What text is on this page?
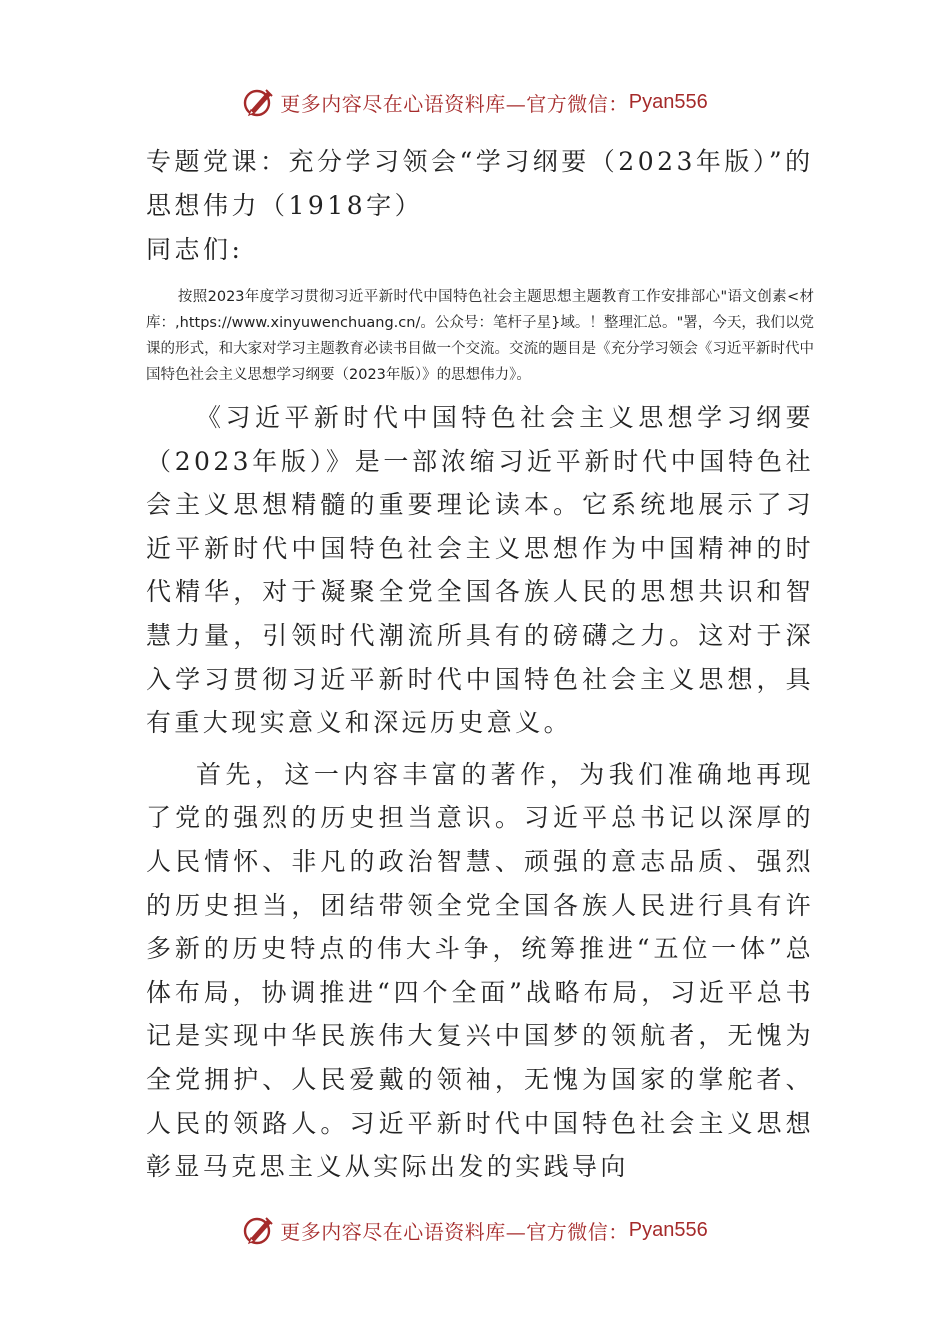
更多内容尽在心语资料库—官方微信： Pyan556
专题党课：充分学习领会“学习纲要（2023年版）”的思想伟力（1918字）

同志们:

按照2023年度学习贯彻习近平新时代中国特色社会主题思想主题教育工作安排部心"语文创素<材库：,https://www.xinyuwenchuang.cn/。公众号：笔杆子星}域。！整理汇总。"署，今天，我们以党课的形式，和大家对学习主题教育必读书目做一个交流。交流的题目是《充分学习领会《习近平新时代中国特色社会主义思想学习纲要（2023年版）》的思想伟力》。

《习近平新时代中国特色社会主义思想学习纲要（2023年版）》是一部浓缩习近平新时代中国特色社会主义思想精髓的重要理论读本。它系统地展示了习近平新时代中国特色社会主义思想作为中国精神的时代精华，对于凝聚全党全国各族人民的思想共识和智慧力量，引领时代潮流所具有的磅礴之力。这对于深入学习贯彻习近平新时代中国特色社会主义思想，具有重大现实意义和深远历史意义。

首先，这一内容丰富的著作，为我们准确地再现了党的强烈的历史担当意识。习近平总书记以深厚的人民情怀、非凡的政治智慧、顽强的意志品质、强烈的历史担当，团结带领全党全国各族人民进行具有许多新的历史特点的伟大斗争，统筹推进“五位一体”总体布局，协调推进“四个全面”战略布局，习近平总书记是实现中华民族伟大复兴中国梦的领航者，无愧为全党拥护、人民爱戴的领袖，无愧为国家的掌舵者、人民的领路人。习近平新时代中国特色社会主义思想彰显马克思主义从实际出发的实践导向

更多内容尽在心语资料库—官方微信： Pyan556
